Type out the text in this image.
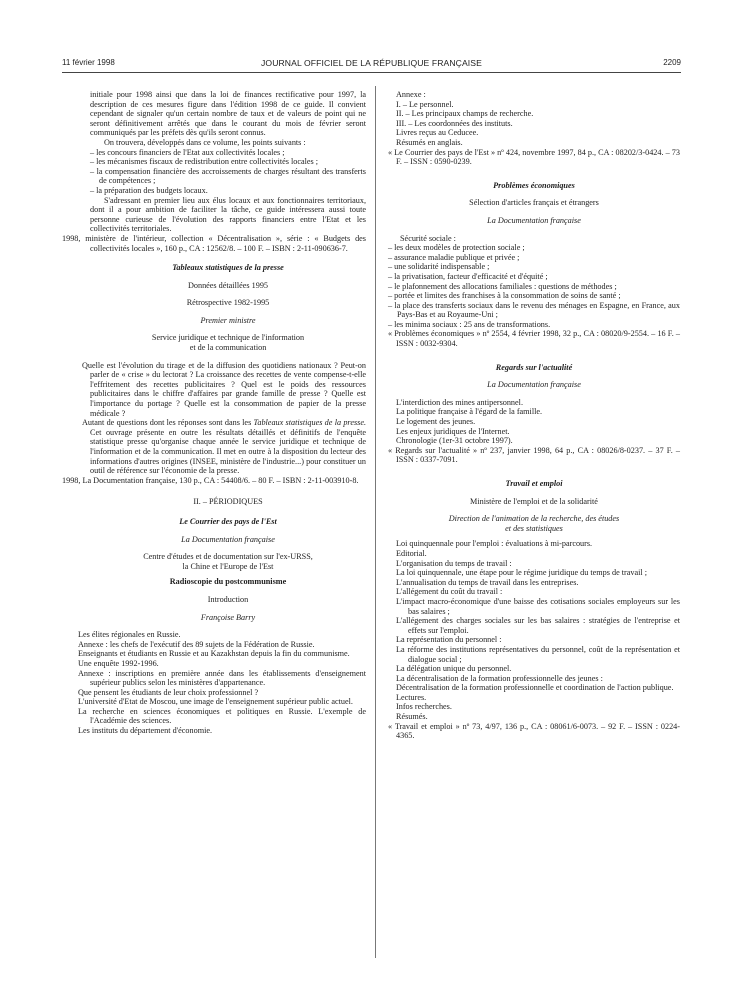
11 février 1998	JOURNAL OFFICIEL DE LA RÉPUBLIQUE FRANÇAISE	2209

initiale pour 1998 ainsi que dans la loi de finances rectificative pour 1997, la description de ces mesures figure dans l'édition 1998 de ce guide. Il convient cependant de signaler qu'un certain nombre de taux et de valeurs de point qui ne seront définitivement arrêtés que dans le courant du mois de février seront communiqués par les préfets dès qu'ils seront connus.

On trouvera, développés dans ce volume, les points suivants :

– les concours financiers de l'Etat aux collectivités locales ;

– les mécanismes fiscaux de redistribution entre collectivités locales ;

– la compensation financière des accroissements de charges résultant des transferts de compétences ;

– la préparation des budgets locaux.

S'adressant en premier lieu aux élus locaux et aux fonctionnaires territoriaux, dont il a pour ambition de faciliter la tâche, ce guide intéressera aussi toute personne curieuse de l'évolution des rapports financiers entre l'Etat et les collectivités territoriales.

1998, ministère de l'intérieur, collection « Décentralisation », série : « Budgets des collectivités locales », 160 p., CA : 12562/8. – 100 F. – ISBN : 2-11-090636-7.

Tableaux statistiques de la presse

Données détaillées 1995

Rétrospective 1982-1995

Premier ministre

Service juridique et technique de l'information

et de la communication

Quelle est l'évolution du tirage et de la diffusion des quotidiens nationaux ? Peut-on parler de « crise » du lectorat ? La croissance des recettes de vente compense-t-elle l'effritement des recettes publicitaires ? Quel est le poids des ressources publicitaires dans le chiffre d'affaires par grande famille de presse ? Quelle est l'importance du portage ? Quelle est la consommation de papier de la presse médicale ?

Autant de questions dont les réponses sont dans les Tableaux statistiques de la presse. Cet ouvrage présente en outre les résultats détaillés et définitifs de l'enquête statistique presse qu'organise chaque année le service juridique et technique de l'information et de la communication. Il met en outre à la disposition du lecteur des informations d'autres origines (INSEE, ministère de l'industrie...) pour constituer un outil de référence sur l'économie de la presse.

1998, La Documentation française, 130 p., CA : 54408/6. – 80 F. – ISBN : 2-11-003910-8.

II. – PÉRIODIQUES

Le Courrier des pays de l'Est

La Documentation française

Centre d'études et de documentation sur l'ex-URSS,

la Chine et l'Europe de l'Est

Radioscopie du postcommunisme

Introduction

Françoise Barry

Les élites régionales en Russie.

Annexe : les chefs de l'exécutif des 89 sujets de la Fédération de Russie.

Enseignants et étudiants en Russie et au Kazakhstan depuis la fin du communisme.

Une enquête 1992-1996.

Annexe : inscriptions en première année dans les établissements d'enseignement supérieur publics selon les ministères d'appartenance.

Que pensent les étudiants de leur choix professionnel ?

L'université d'Etat de Moscou, une image de l'enseignement supérieur public actuel.

La recherche en sciences économiques et politiques en Russie. L'exemple de l'Académie des sciences.

Les instituts du département d'économie.

Annexe :

I. – Le personnel.

II. – Les principaux champs de recherche.

III. – Les coordonnées des instituts.

Livres reçus au Ceducee.

Résumés en anglais.

« Le Courrier des pays de l'Est » nº 424, novembre 1997, 84 p., CA : 08202/3-0424. – 73 F. – ISSN : 0590-0239.

Problèmes économiques

Sélection d'articles français et étrangers

La Documentation française

Sécurité sociale :

– les deux modèles de protection sociale ;

– assurance maladie publique et privée ;

– une solidarité indispensable ;

– la privatisation, facteur d'efficacité et d'équité ;

– le plafonnement des allocations familiales : questions de méthodes ;

– portée et limites des franchises à la consommation de soins de santé ;

– la place des transferts sociaux dans le revenu des ménages en Espagne, en France, aux Pays-Bas et au Royaume-Uni ;

– les minima sociaux : 25 ans de transformations.

« Problèmes économiques » nº 2554, 4 février 1998, 32 p., CA : 08020/9-2554. – 16 F. – ISSN : 0032-9304.

Regards sur l'actualité

La Documentation française

L'interdiction des mines antipersonnel.

La politique française à l'égard de la famille.

Le logement des jeunes.

Les enjeux juridiques de l'Internet.

Chronologie (1er-31 octobre 1997).

« Regards sur l'actualité » nº 237, janvier 1998, 64 p., CA : 08026/8-0237. – 37 F. – ISSN : 0337-7091.

Travail et emploi

Ministère de l'emploi et de la solidarité

Direction de l'animation de la recherche, des études

et des statistiques

Loi quinquennale pour l'emploi : évaluations à mi-parcours.

Editorial.

L'organisation du temps de travail :

La loi quinquennale, une étape pour le régime juridique du temps de travail ;

L'annualisation du temps de travail dans les entreprises.

L'allégement du coût du travail :

L'impact macro-économique d'une baisse des cotisations sociales employeurs sur les bas salaires ;

L'allégement des charges sociales sur les bas salaires : stratégies de l'entreprise et effets sur l'emploi.

La représentation du personnel :

La réforme des institutions représentatives du personnel, coût de la représentation et dialogue social ;

La délégation unique du personnel.

La décentralisation de la formation professionnelle des jeunes :

Décentralisation de la formation professionnelle et coordination de l'action publique.

Lectures.

Infos recherches.

Résumés.

« Travail et emploi » nº 73, 4/97, 136 p., CA : 08061/6-0073. – 92 F. – ISSN : 0224-4365.
